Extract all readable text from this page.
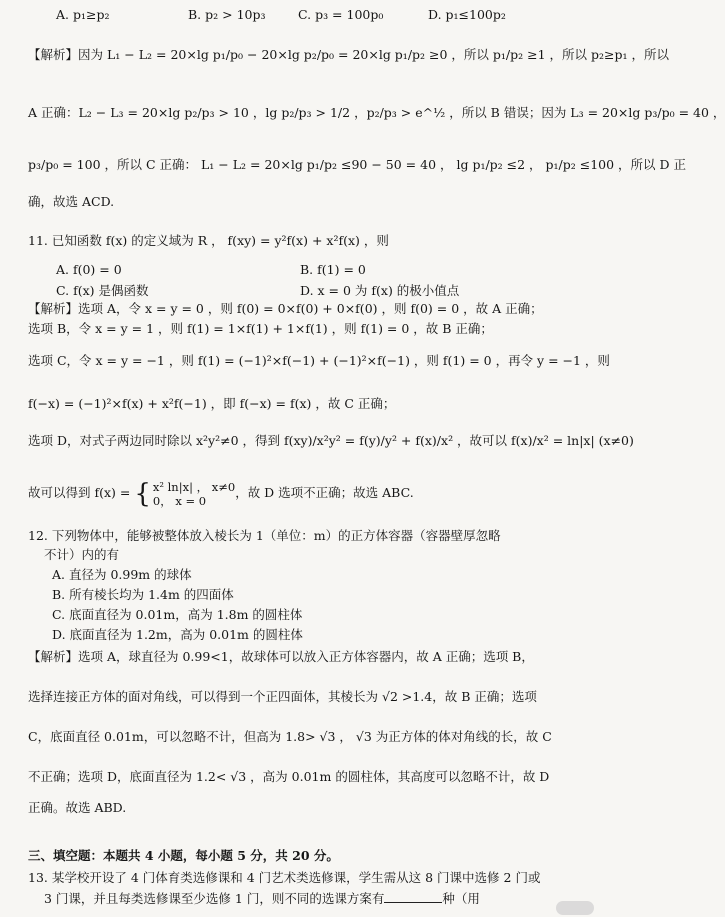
A. p₁≥p₂	B. p₂ > 10p₃	C. p₃ = 100p₀	D. p₁≤100p₂
【解析】因为 L₁ − L₂ = 20×lg p₁/p₀ − 20×lg p₂/p₀ = 20×lg p₁/p₂ ≥0 ，所以 p₁/p₂ ≥1 ，所以 p₂≥p₁ ，所以
A 正确：L₂ − L₃ = 20×lg p₂/p₃ > 10 ，lg p₂/p₃ > 1/2 ，p₂/p₃ > e^½ ，所以 B 错误；因为 L₃ = 20×lg p₃/p₀ = 40 ，
p₃/p₀ = 100 ，所以 C 正确： L₁ − L₂ = 20×lg p₁/p₂ ≤90 − 50 = 40 ， lg p₁/p₂ ≤2 ， p₁/p₂ ≤100 ，所以 D 正
确，故选 ACD.
11. 已知函数 f(x) 的定义域为 R ， f(xy) = y²f(x) + x²f(x) ，则
A. f(0) = 0	B. f(1) = 0
C. f(x) 是偶函数	D. x = 0 为 f(x) 的极小值点
【解析】选项 A，令 x = y = 0 ，则 f(0) = 0×f(0) + 0×f(0) ，则 f(0) = 0 ，故 A 正确；
选项 B，令 x = y = 1 ，则 f(1) = 1×f(1) + 1×f(1) ，则 f(1) = 0 ，故 B 正确；
选项 C，令 x = y = −1 ，则 f(1) = (−1)²×f(−1) + (−1)²×f(−1) ，则 f(1) = 0 ，再令 y = −1 ，则
f(−x) = (−1)²×f(x) + x²f(−1) ，即 f(−x) = f(x) ，故 C 正确；
选项 D，对式子两边同时除以 x²y²≠0 ，得到 f(xy)/x²y² = f(y)/y² + f(x)/x² ，故可以 f(x)/x² = ln|x| (x≠0)
故可以得到 f(x) = { x² ln|x| ， x≠0
0， x = 0
，故 D 选项不正确；故选 ABC.
12. 下列物体中，能够被整体放入棱长为 1（单位：m）的正方体容器（容器壁厚忽略
不计）内的有
A. 直径为 0.99m 的球体
B. 所有棱长均为 1.4m 的四面体
C. 底面直径为 0.01m，高为 1.8m 的圆柱体
D. 底面直径为 1.2m，高为 0.01m 的圆柱体
【解析】选项 A，球直径为 0.99<1，故球体可以放入正方体容器内，故 A 正确；选项 B，
选择连接正方体的面对角线，可以得到一个正四面体，其棱长为 √2 >1.4，故 B 正确；选项
C，底面直径 0.01m，可以忽略不计，但高为 1.8> √3 ， √3 为正方体的体对角线的长，故 C
不正确；选项 D，底面直径为 1.2< √3 ，高为 0.01m 的圆柱体，其高度可以忽略不计，故 D
正确。故选 ABD.
三、填空题：本题共 4 小题，每小题 5 分，共 20 分。
13. 某学校开设了 4 门体育类选修课和 4 门艺术类选修课，学生需从这 8 门课中选修 2 门或
3 门课，并且每类选修课至少选修 1 门，则不同的选课方案有	种（用
